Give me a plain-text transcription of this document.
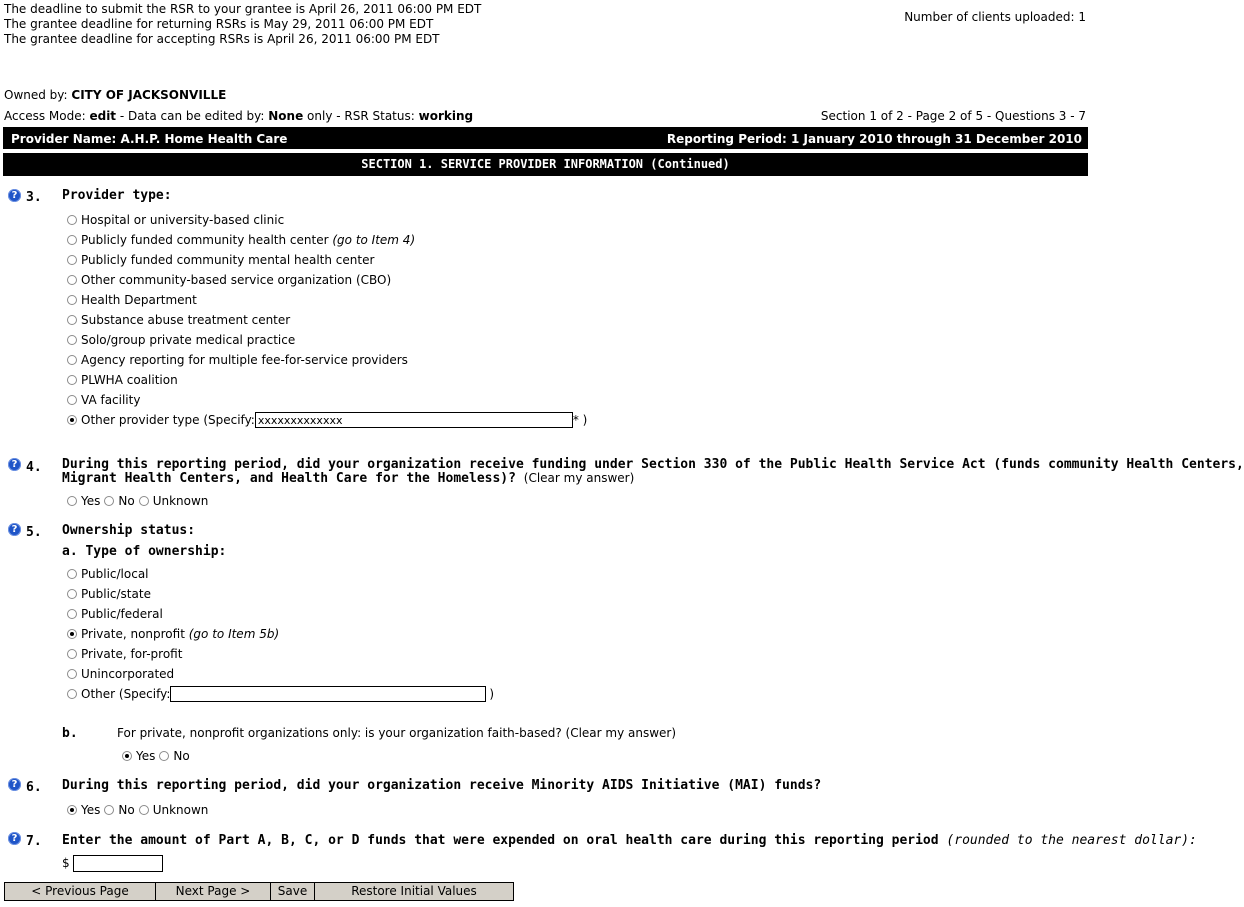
The deadline to submit the RSR to your grantee is April 26, 2011 06:00 PM EDT
The grantee deadline for returning RSRs is May 29, 2011 06:00 PM EDT
The grantee deadline for accepting RSRs is April 26, 2011 06:00 PM EDT
Number of clients uploaded: 1
Owned by: CITY OF JACKSONVILLE
Access Mode: edit - Data can be edited by: None only - RSR Status: working	Section 1 of 2 - Page 2 of 5 - Questions 3 - 7
Provider Name: A.H.P. Home Health Care	Reporting Period: 1 January 2010 through 31 December 2010
SECTION 1. SERVICE PROVIDER INFORMATION (Continued)
? 3. Provider type:
Hospital or university-based clinic
Publicly funded community health center
(go to Item 4)
Publicly funded community mental health center
Other community-based service organization (CBO)
Health Department
Substance abuse treatment center
Solo/group private medical practice
Agency reporting for multiple fee-for-service providers
PLWHA coalition
VA facility
Other provider type (Specify:
xxxxxxxxxxxxx	* )
? 4. During this reporting period, did your organization receive funding under Section 330 of the Public Health Service Act (funds community Health Centers,
Migrant Health Centers, and Health Care for the Homeless)? (Clear my answer)
Yes No Unknown
? 5. Ownership status:
a. Type of ownership:
Public/local
Public/state
Public/federal
Private, nonprofit
(go to Item 5b)
Private, for-profit
Unincorporated
Other (Specify:	)
b.	For private, nonprofit organizations only: is your organization faith-based? (Clear my answer)
Yes No
? 6. During this reporting period, did your organization receive Minority AIDS Initiative (MAI) funds?
Yes No Unknown
? 7. Enter the amount of Part A, B, C, or D funds that were expended on oral health care during this reporting period (rounded to the nearest dollar):
$
< Previous Page	Next Page >	Save	Restore Initial Values
